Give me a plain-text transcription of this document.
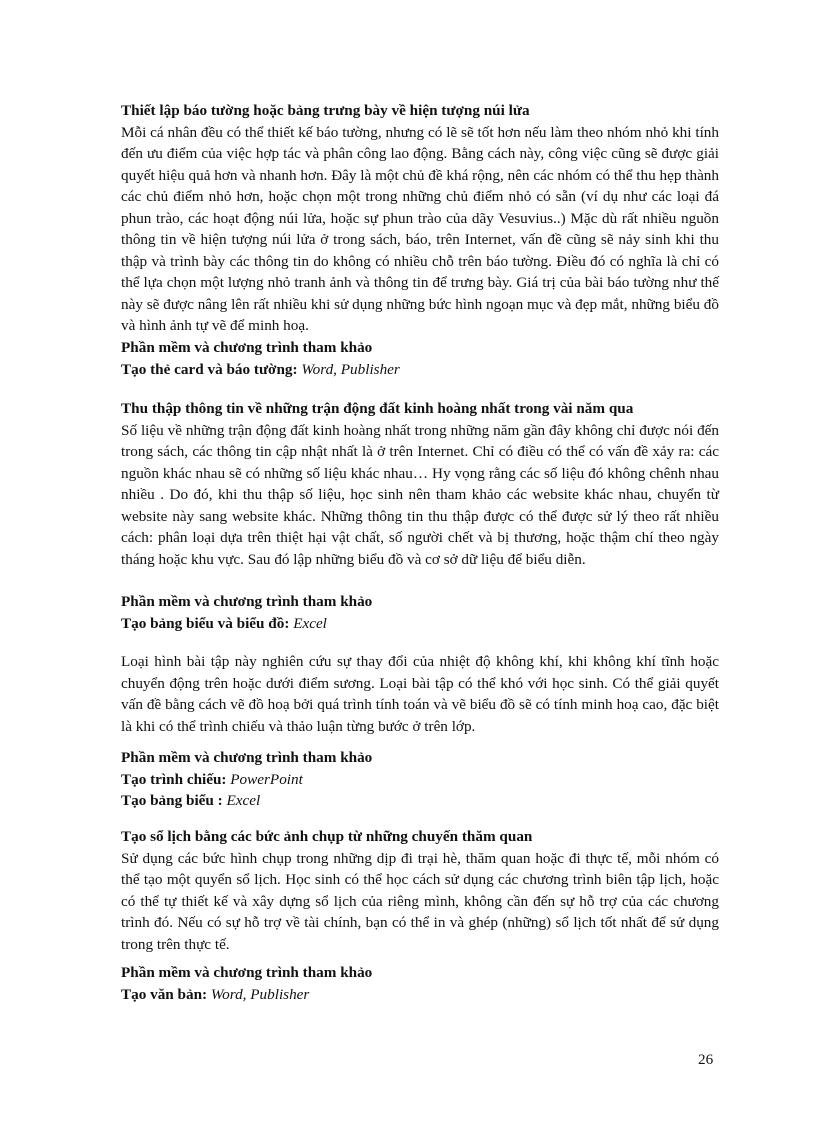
Thiết lập báo tường hoặc bảng trưng bày về hiện tượng núi lửa

Mỗi cá nhân đều có thể thiết kế báo tường, nhưng có lẽ sẽ tốt hơn nếu làm theo nhóm nhỏ khi tính đến ưu điểm của việc hợp tác và phân công lao động. Bằng cách này, công việc cũng sẽ được giải quyết hiệu quả hơn và nhanh hơn. Đây là một chủ đề khá rộng, nên các nhóm có thể thu hẹp thành các chủ điểm nhỏ hơn, hoặc chọn một trong những chủ điểm nhỏ có sẵn (ví dụ như các loại đá phun trào, các hoạt động núi lửa, hoặc sự phun trào của dãy Vesuvius..) Mặc dù rất nhiều nguồn thông tin về hiện tượng núi lửa ở trong sách, báo, trên Internet, vấn đề cũng sẽ nảy sinh khi thu thập và trình bày các thông tin do không có nhiều chỗ trên báo tường. Điều đó có nghĩa là chỉ có thể lựa chọn một lượng nhỏ tranh ảnh và thông tin để trưng bày. Giá trị của bài báo tường như thế này sẽ được nâng lên rất nhiều khi sử dụng những bức hình ngoạn mục và đẹp mắt, những biểu đồ và hình ảnh tự vẽ để minh hoạ.

Phần mềm và chương trình tham khảo

Tạo thẻ card và báo tường: Word, Publisher

Thu thập thông tin về những trận động đất kinh hoàng nhất trong vài năm qua

Số liệu về những trận động đất kinh hoàng nhất trong những năm gần đây không chỉ được nói đến trong sách, các thông tin cập nhật nhất là ở trên Internet. Chỉ có điều có thể có vấn đề xảy ra: các nguồn khác nhau sẽ có những số liệu khác nhau… Hy vọng rằng các số liệu đó không chênh nhau nhiều . Do đó, khi thu thập số liệu, học sinh nên tham khảo các website khác nhau, chuyển từ website này sang website khác. Những thông tin thu thập được có thể được sử lý theo rất nhiều cách: phân loại dựa trên thiệt hại vật chất, số người chết và bị thương, hoặc thậm chí theo ngày tháng hoặc khu vực. Sau đó lập những biểu đồ và cơ sở dữ liệu để biểu diễn.

Phần mềm và chương trình tham khảo

Tạo bảng biểu và biểu đồ: Excel

Loại hình bài tập này nghiên cứu sự thay đổi của nhiệt độ không khí, khi không khí tĩnh hoặc chuyển động trên hoặc dưới điểm sương. Loại bài tập có thể khó với học sinh. Có thể giải quyết vấn đề bằng cách vẽ đồ hoạ bởi quá trình tính toán và vẽ biểu đồ sẽ có tính minh hoạ cao, đặc biệt là khi có thể trình chiếu và thảo luận từng bước ở trên lớp.

Phần mềm và chương trình tham khảo

Tạo trình chiếu: PowerPoint

Tạo bảng biểu : Excel

Tạo sổ lịch bằng các bức ảnh chụp từ những chuyến thăm quan

Sử dụng các bức hình chụp trong những dịp đi trại hè, thăm quan hoặc đi thực tế, mỗi nhóm có thể tạo một quyển sổ lịch. Học sinh có thể học cách sử dụng các chương trình biên tập lịch, hoặc có thể tự thiết kế và xây dựng sổ lịch của riêng mình, không cần đến sự hỗ trợ của các chương trình đó. Nếu có sự hỗ trợ về tài chính, bạn có thể in và ghép (những) sổ lịch tốt nhất để sử dụng trong trên thực tế.

Phần mềm và chương trình tham khảo

Tạo văn bản: Word, Publisher

26
